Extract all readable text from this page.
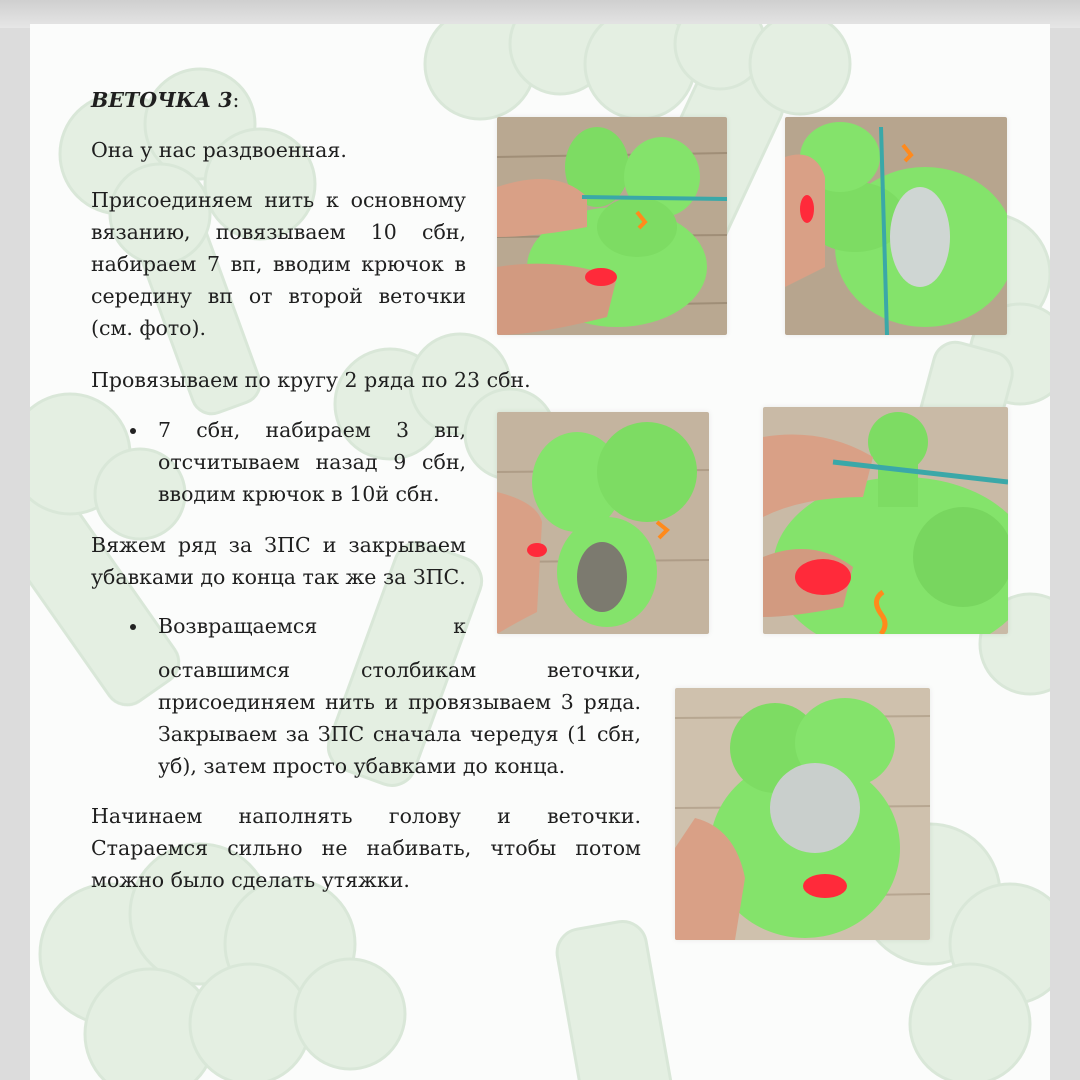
ВЕТОЧКА 3:
Она у нас раздвоенная.
Присоединяем нить к основному вязанию, повязываем 10 сбн, набираем 7 вп, вводим крючок в середину вп от второй веточки (см. фото).
Провязываем по кругу 2 ряда по 23 сбн.
7 сбн, набираем 3 вп, отсчитываем назад 9 сбн, вводим крючок в 10й сбн.
Вяжем ряд за ЗПС и закрываем убавками до конца так же за ЗПС.
Возвращаемся	к
оставшимся столбикам веточки, присоединяем нить и провязываем 3 ряда. Закрываем за ЗПС сначала чередуя (1 сбн, уб), затем просто убавками до конца.
Начинаем наполнять голову и веточки. Стараемся сильно не набивать, чтобы потом можно было сделать утяжки.
